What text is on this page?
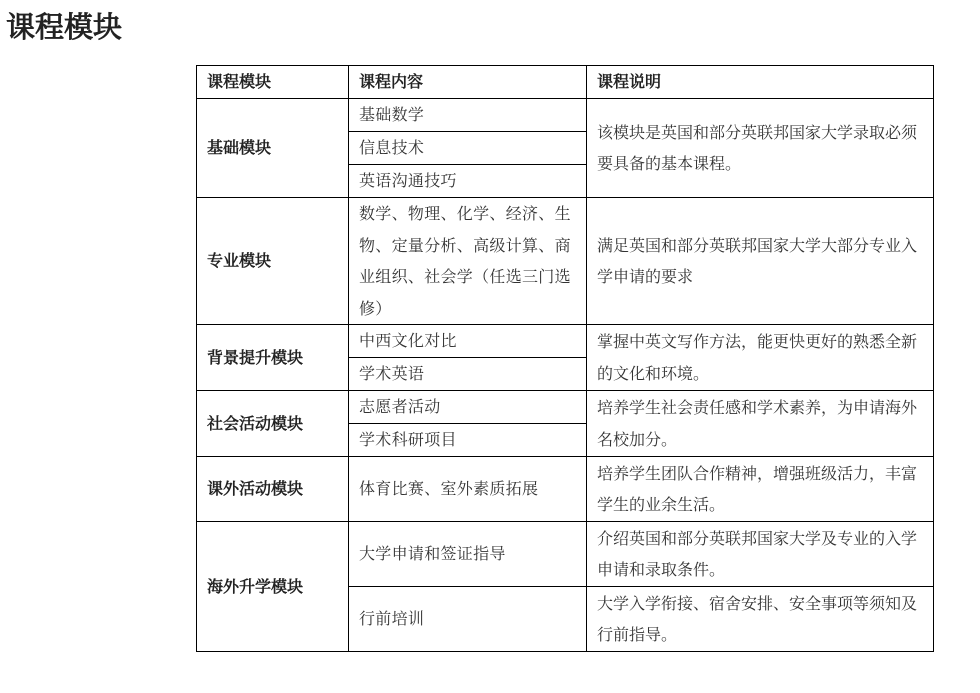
课程模块
课程模块	课程内容	课程说明
基础模块	基础数学	该模块是英国和部分英联邦国家大学录取必须要具备的基本课程。
	信息技术	
	英语沟通技巧	
专业模块	数学、物理、化学、经济、生物、定量分析、高级计算、商业组织、社会学（任选三门选修）	满足英国和部分英联邦国家大学大部分专业入学申请的要求
背景提升模块	中西文化对比	掌握中英文写作方法，能更快更好的熟悉全新的文化和环境。
	学术英语	
社会活动模块	志愿者活动	培养学生社会责任感和学术素养，为申请海外名校加分。
	学术科研项目	
课外活动模块	体育比赛、室外素质拓展	培养学生团队合作精神，增强班级活力，丰富学生的业余生活。
海外升学模块	大学申请和签证指导	介绍英国和部分英联邦国家大学及专业的入学申请和录取条件。
	行前培训	大学入学衔接、宿舍安排、安全事项等须知及行前指导。
